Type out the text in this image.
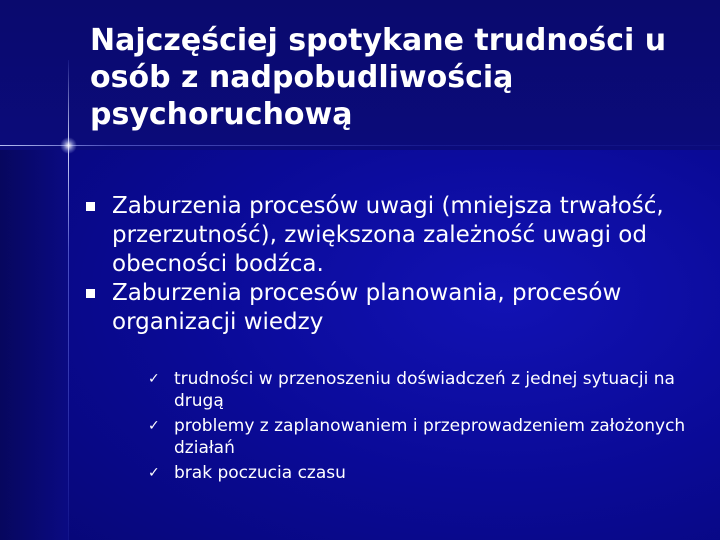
Najczęściej spotykane trudności u osób z nadpobudliwością psychoruchową
Zaburzenia procesów uwagi (mniejsza trwałość, przerzutność), zwiększona zależność uwagi od obecności bodźca.
Zaburzenia procesów planowania, procesów organizacji wiedzy
✓ trudności w przenoszeniu doświadczeń z jednej sytuacji na drugą
✓ problemy z zaplanowaniem i przeprowadzeniem założonych działań
✓ brak poczucia czasu
